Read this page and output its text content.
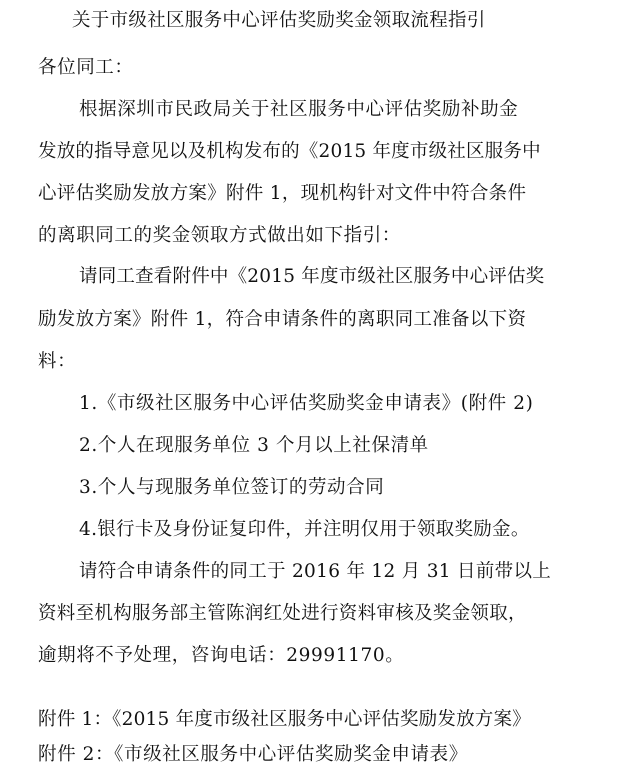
关于市级社区服务中心评估奖励奖金领取流程指引
各位同工：
根据深圳市民政局关于社区服务中心评估奖励补助金
发放的指导意见以及机构发布的《2015 年度市级社区服务中
心评估奖励发放方案》附件 1，现机构针对文件中符合条件
的离职同工的奖金领取方式做出如下指引：
请同工查看附件中《2015 年度市级社区服务中心评估奖
励发放方案》附件 1，符合申请条件的离职同工准备以下资
料：
1.《市级社区服务中心评估奖励奖金申请表》(附件 2)
2.个人在现服务单位 3 个月以上社保清单
3.个人与现服务单位签订的劳动合同
4.银行卡及身份证复印件，并注明仅用于领取奖励金。
请符合申请条件的同工于 2016 年 12 月 31 日前带以上
资料至机构服务部主管陈润红处进行资料审核及奖金领取，
逾期将不予处理，咨询电话：29991170。
附件 1：《2015 年度市级社区服务中心评估奖励发放方案》
附件 2：《市级社区服务中心评估奖励奖金申请表》
